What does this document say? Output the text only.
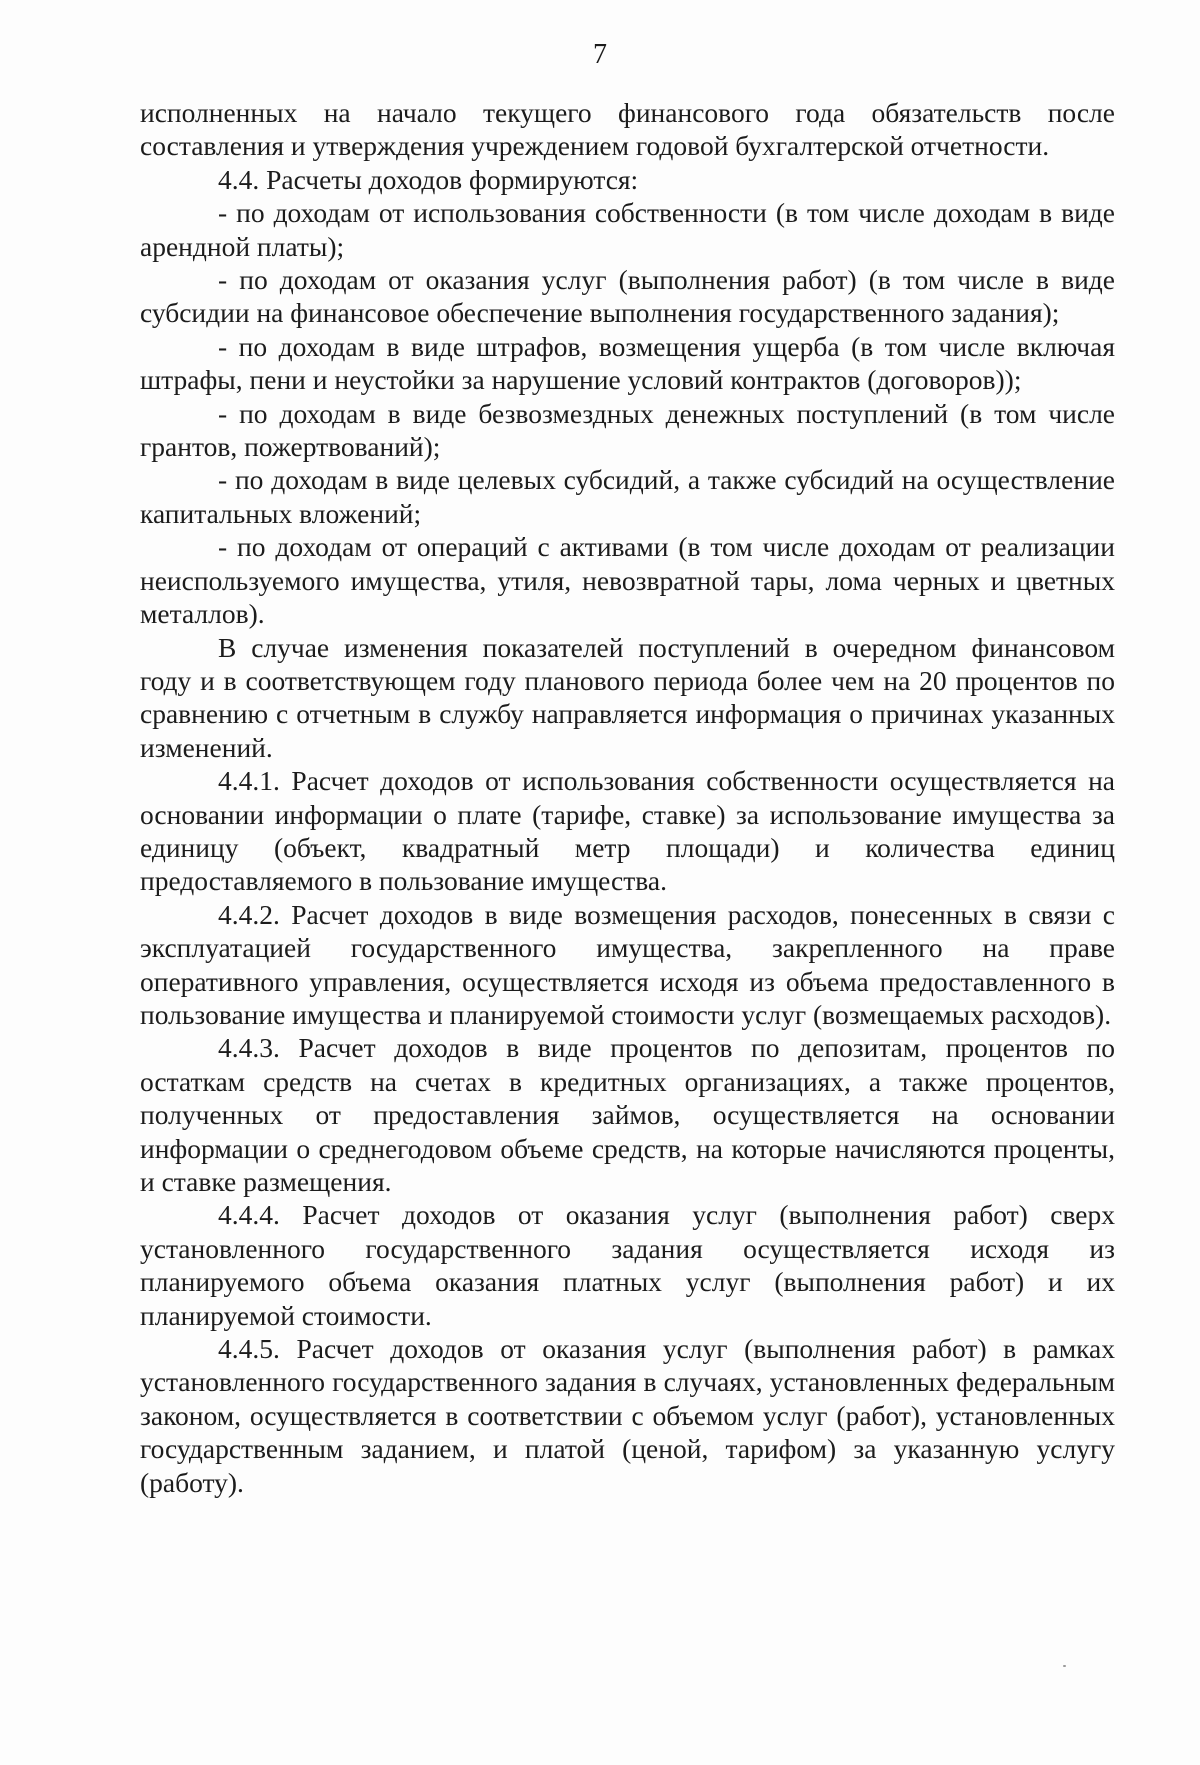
7

исполненных на начало текущего финансового года обязательств после составления и утверждения учреждением годовой бухгалтерской отчетности.

4.4. Расчеты доходов формируются:

- по доходам от использования собственности (в том числе доходам в виде арендной платы);

- по доходам от оказания услуг (выполнения работ) (в том числе в виде субсидии на финансовое обеспечение выполнения государственного задания);

- по доходам в виде штрафов, возмещения ущерба (в том числе включая штрафы, пени и неустойки за нарушение условий контрактов (договоров));

- по доходам в виде безвозмездных денежных поступлений (в том числе грантов, пожертвований);

- по доходам в виде целевых субсидий, а также субсидий на осуществление капитальных вложений;

- по доходам от операций с активами (в том числе доходам от реализации неиспользуемого имущества, утиля, невозвратной тары, лома черных и цветных металлов).

В случае изменения показателей поступлений в очередном финансовом году и в соответствующем году планового периода более чем на 20 процентов по сравнению с отчетным в службу направляется информация о причинах указанных изменений.

4.4.1. Расчет доходов от использования собственности осуществляется на основании информации о плате (тарифе, ставке) за использование имущества за единицу (объект, квадратный метр площади) и количества единиц предоставляемого в пользование имущества.

4.4.2. Расчет доходов в виде возмещения расходов, понесенных в связи с эксплуатацией государственного имущества, закрепленного на праве оперативного управления, осуществляется исходя из объема предоставленного в пользование имущества и планируемой стоимости услуг (возмещаемых расходов).

4.4.3. Расчет доходов в виде процентов по депозитам, процентов по остаткам средств на счетах в кредитных организациях, а также процентов, полученных от предоставления займов, осуществляется на основании информации о среднегодовом объеме средств, на которые начисляются проценты, и ставке размещения.

4.4.4. Расчет доходов от оказания услуг (выполнения работ) сверх установленного государственного задания осуществляется исходя из планируемого объема оказания платных услуг (выполнения работ) и их планируемой стоимости.

4.4.5. Расчет доходов от оказания услуг (выполнения работ) в рамках установленного государственного задания в случаях, установленных федеральным законом, осуществляется в соответствии с объемом услуг (работ), установленных государственным заданием, и платой (ценой, тарифом) за указанную услугу (работу).
